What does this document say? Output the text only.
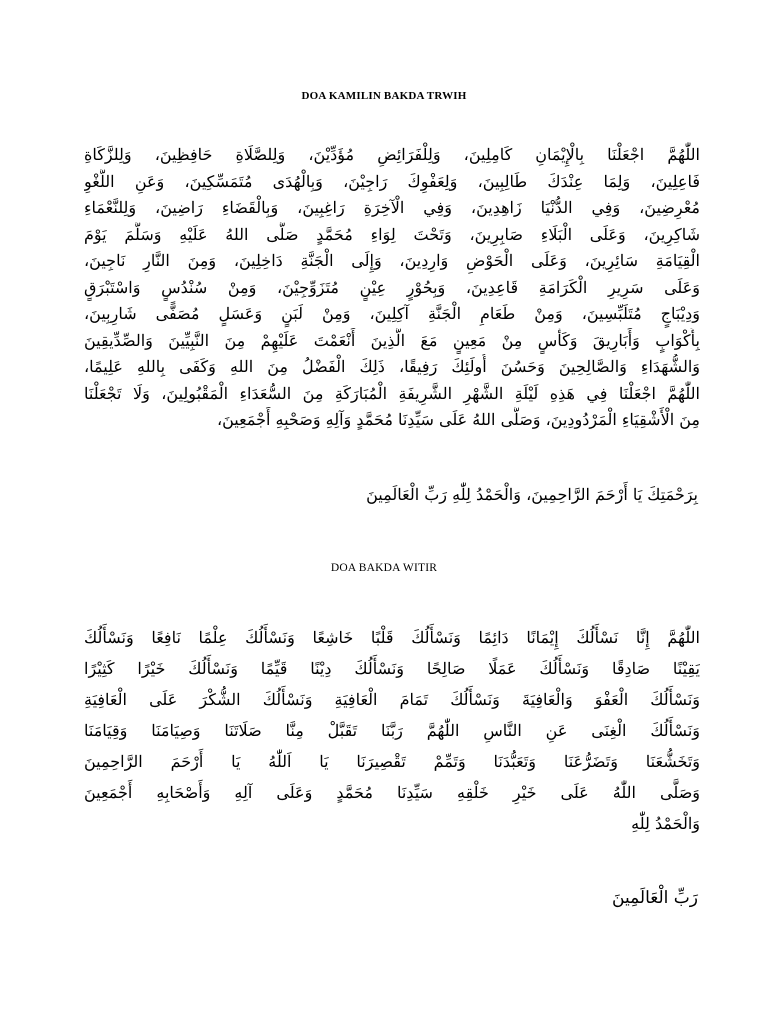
DOA KAMILIN BAKDA TRWIH
اللّٰهُمَّ اجْعَلْنَا بِالْإِيْمَانِ كَامِلِينَ، وَلِلْفَرَائِضِ مُؤَدِّيْنَ، وَلِلصَّلَاةِ حَافِظِينَ، وَلِلزَّكَاةِ
فَاعِلِينَ، وَلِمَا عِنْدَكَ طَالِبِينَ، وَلِعَفْوِكَ رَاجِيْنَ، وَبِالْهُدَى مُتَمَسِّكِينَ، وَعَنِ اللَّغْوِ
مُعْرِضِينَ، وَفِي الدُّنْيَا زَاهِدِينَ، وَفِي الْآخِرَةِ رَاغِبِينَ، وَبِالْقَضَاءِ رَاضِينَ، وَلِلنَّعْمَاءِ
شَاكِرِينَ، وَعَلَى الْبَلَاءِ صَابِرِينَ، وَتَحْتَ لِوَاءِ مُحَمَّدٍ صَلَّى اللهُ عَلَيْهِ وَسَلَّمَ يَوْمَ
الْقِيَامَةِ سَائِرِينَ، وَعَلَى الْحَوْضِ وَارِدِينَ، وَإِلَى الْجَنَّةِ دَاخِلِينَ، وَمِنَ النَّارِ نَاجِينَ،
وَعَلَى سَرِيرِ الْكَرَامَةِ قَاعِدِينَ، وَبِحُوْرٍ عِيْنٍ مُتَزَوِّجِيْنَ، وَمِنْ سُنْدُسٍ وَاسْتَبْرَقٍ
وَدِيْبَاجٍ مُتَلَبِّسِينَ، وَمِنْ طَعَامِ الْجَنَّةِ آكِلِينَ، وَمِنْ لَبَنٍ وَعَسَلٍ مُصَفًّى شَارِبِينَ،
بِأَكْوَابٍ وَأَبَارِيقَ وَكَأْسٍ مِنْ مَعِينٍ مَعَ الَّذِينَ أَنْعَمْتَ عَلَيْهِمْ مِنَ النَّبِيِّينَ وَالصِّدِّيقِينَ
وَالشُّهَدَاءِ وَالصَّالِحِينَ وَحَسُنَ أُولَئِكَ رَفِيقًا، ذَلِكَ الْفَضْلُ مِنَ اللهِ وَكَفَى بِاللهِ عَلِيمًا،
اللّٰهُمَّ اجْعَلْنَا فِي هَذِهِ لَيْلَةِ الشَّهْرِ الشَّرِيفَةِ الْمُبَارَكَةِ مِنَ السُّعَدَاءِ الْمَقْبُولِينَ، وَلَا تَجْعَلْنَا
مِنَ الْأَشْقِيَاءِ الْمَرْدُودِينَ، وَصَلَّى اللهُ عَلَى سَيِّدِنَا مُحَمَّدٍ وَآلِهِ وَصَحْبِهِ أَجْمَعِينَ،
بِرَحْمَتِكَ يَا أَرْحَمَ الرَّاحِمِينَ، وَالْحَمْدُ لِلّٰهِ رَبِّ الْعَالَمِينَ
DOA BAKDA WITIR
اللّٰهُمَّ إِنَّا نَسْأَلُكَ إِيْمَانًا دَائِمًا وَنَسْأَلُكَ قَلْبًا خَاشِعًا وَنَسْأَلُكَ عِلْمًا نَافِعًا وَنَسْأَلُكَ
يَقِيْنًا صَادِقًا وَنَسْأَلُكَ عَمَلًا صَالِحًا وَنَسْأَلُكَ دِيْنًا قَيِّمًا وَنَسْأَلُكَ خَيْرًا كَثِيْرًا
وَنَسْأَلُكَ الْعَفْوَ وَالْعَافِيَةَ وَنَسْأَلُكَ تَمَامَ الْعَافِيَةِ وَنَسْأَلُكَ الشُّكْرَ عَلَى الْعَافِيَةِ
وَنَسْأَلُكَ الْغِنَى عَنِ النَّاسِ اللّٰهُمَّ رَبَّنَا تَقَبَّلْ مِنَّا صَلَاتَنَا وَصِيَامَنَا وَقِيَامَنَا
وَتَخَشُّعَنَا وَتَضَرُّعَنَا وَتَعَبُّدَنَا وَتَمِّمْ تَقْصِيرَنَا يَا اَللّٰهُ يَا أَرْحَمَ الرَّاحِمِينَ
وَصَلَّى اللّٰهُ عَلَى خَيْرِ خَلْقِهِ سَيِّدِنَا مُحَمَّدٍ وَعَلَى آلِهِ وَأَصْحَابِهِ أَجْمَعِينَ
وَالْحَمْدُ لِلّٰهِ
رَبِّ الْعَالَمِينَ
